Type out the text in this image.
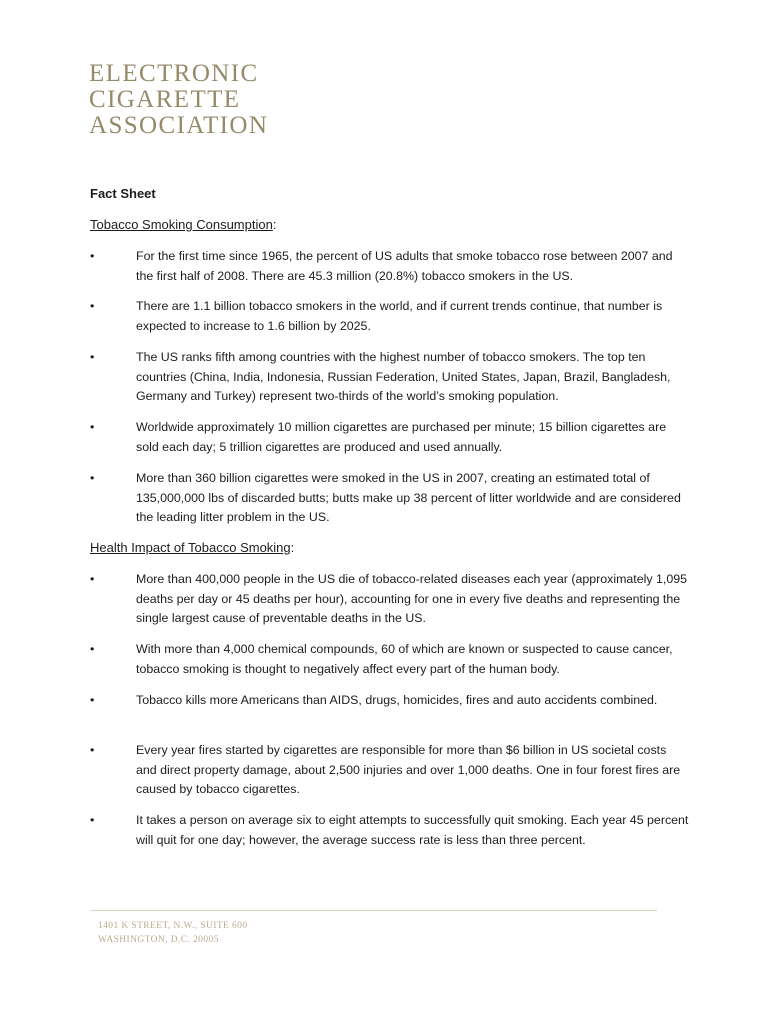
ELECTRONIC
CIGARETTE
ASSOCIATION
Fact Sheet
Tobacco Smoking Consumption:
•	For the first time since 1965, the percent of US adults that smoke tobacco rose between 2007 and the first half of 2008. There are 45.3 million (20.8%) tobacco smokers in the US.
•	There are 1.1 billion tobacco smokers in the world, and if current trends continue, that number is expected to increase to 1.6 billion by 2025.
•	The US ranks fifth among countries with the highest number of tobacco smokers. The top ten countries (China, India, Indonesia, Russian Federation, United States, Japan, Brazil, Bangladesh, Germany and Turkey) represent two-thirds of the world’s smoking population.
•	Worldwide approximately 10 million cigarettes are purchased per minute; 15 billion cigarettes are sold each day; 5 trillion cigarettes are produced and used annually.
•	More than 360 billion cigarettes were smoked in the US in 2007, creating an estimated total of 135,000,000 lbs of discarded butts; butts make up 38 percent of litter worldwide and are considered the leading litter problem in the US.
Health Impact of Tobacco Smoking:
•	More than 400,000 people in the US die of tobacco-related diseases each year (approximately 1,095 deaths per day or 45 deaths per hour), accounting for one in every five deaths and representing the single largest cause of preventable deaths in the US.
•	With more than 4,000 chemical compounds, 60 of which are known or suspected to cause cancer, tobacco smoking is thought to negatively affect every part of the human body.
•	Tobacco kills more Americans than AIDS, drugs, homicides, fires and auto accidents combined.
•	Every year fires started by cigarettes are responsible for more than $6 billion in US societal costs and direct property damage, about 2,500 injuries and over 1,000 deaths. One in four forest fires are caused by tobacco cigarettes.
•	It takes a person on average six to eight attempts to successfully quit smoking. Each year 45 percent will quit for one day; however, the average success rate is less than three percent.
1401 K STREET, N.W., SUITE 600
WASHINGTON, D.C. 20005
